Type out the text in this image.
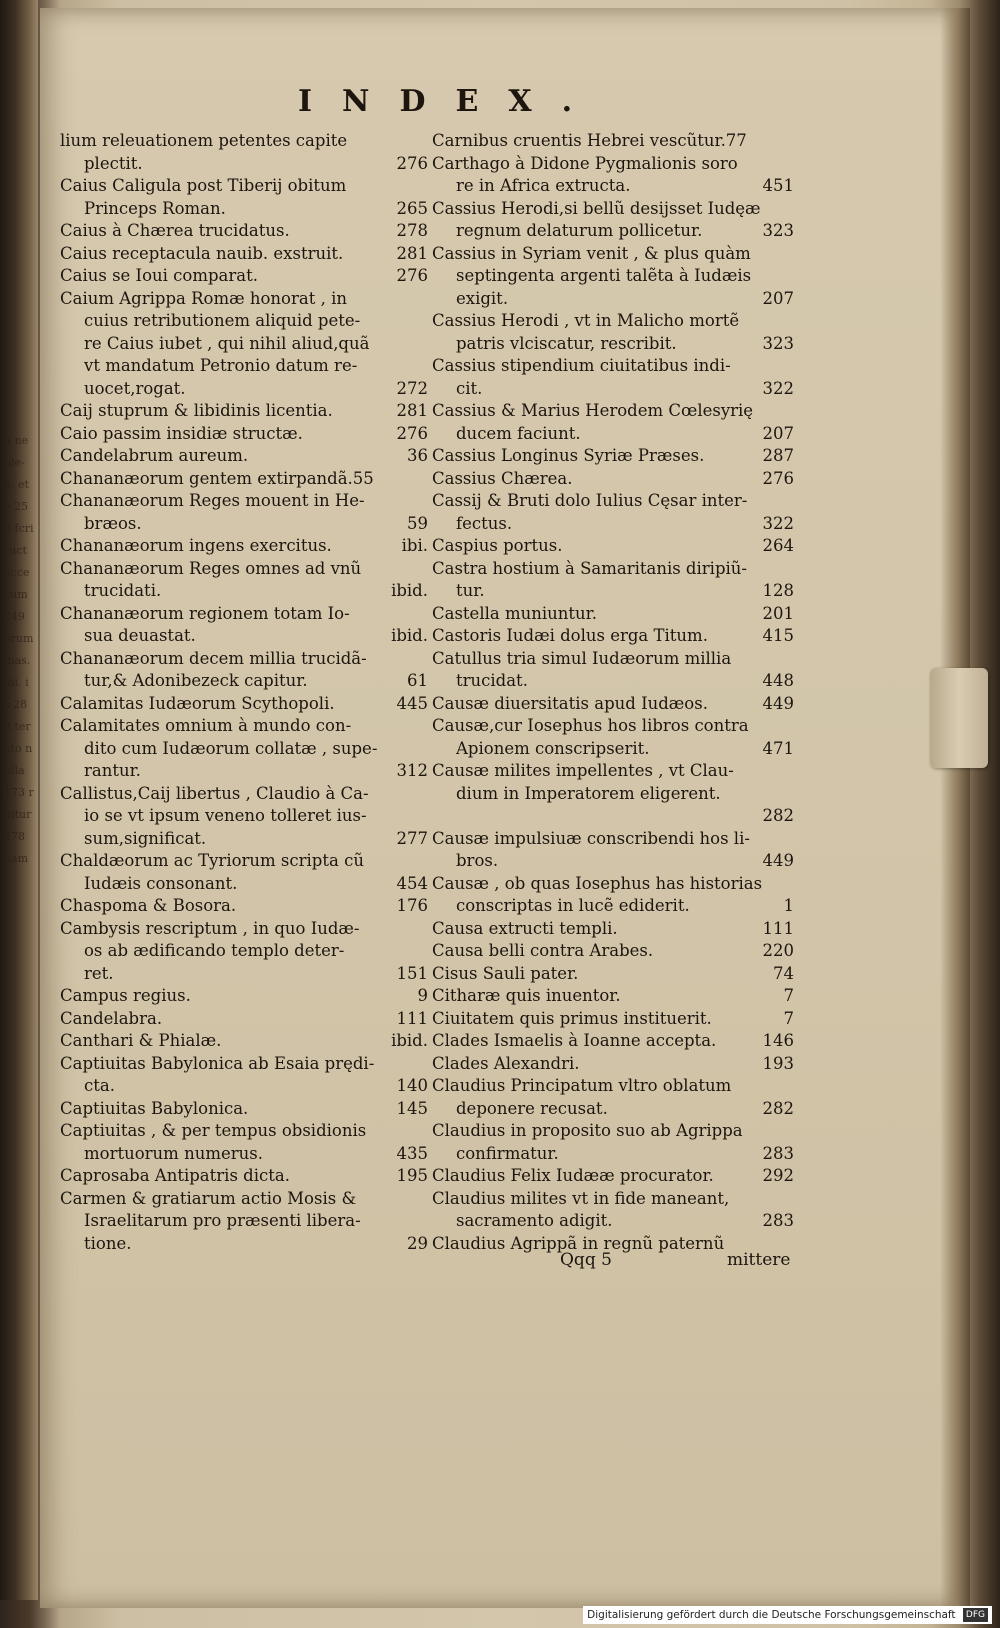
n ne ple- 5. ete 250 fcri ruct acce cum 249 orum inas. ibi. is 288 terato nulla 173 ruitur 278 nam
INDEX.
lium releuationem petentes capite
plectit.	276
Caius Caligula post Tiberij obitum
Princeps Roman.	265
Caius à Chærea trucidatus.	278
Caius receptacula nauib. exstruit.	281
Caius se Ioui comparat.	276
Caium Agrippa Romæ honorat , in
cuius retributionem aliquid pete-
re Caius iubet , qui nihil aliud,quã
vt mandatum Petronio datum re-
uocet,rogat.	272
Caij stuprum & libidinis licentia.	281
Caio passim insidiæ structæ.	276
Candelabrum aureum.	36
Chananæorum gentem extirpandã.55
Chananæorum Reges mouent in He-
bræos.	59
Chananæorum ingens exercitus.	ibi.
Chananæorum Reges omnes ad vnũ
trucidati.	ibid.
Chananæorum regionem totam Io-
sua deuastat.	ibid.
Chananæorum decem millia trucidã-
tur,& Adonibezeck capitur.	61
Calamitas Iudæorum Scythopoli.	445
Calamitates omnium à mundo con-
dito cum Iudæorum collatæ , supe-
rantur.	312
Callistus,Caij libertus , Claudio à Ca-
io se vt ipsum veneno tolleret ius-
sum,significat.	277
Chaldæorum ac Tyriorum scripta cũ
Iudæis consonant.	454
Chaspoma & Bosora.	176
Cambysis rescriptum , in quo Iudæ-
os ab ædificando templo deter-
ret.	151
Campus regius.	9
Candelabra.	111
Canthari & Phialæ.	ibid.
Captiuitas Babylonica ab Esaia prędi-
cta.	140
Captiuitas Babylonica.	145
Captiuitas , & per tempus obsidionis
mortuorum numerus.	435
Caprosaba Antipatris dicta.	195
Carmen & gratiarum actio Mosis &
Israelitarum pro præsenti libera-
tione.	29
Carnibus cruentis Hebrei vescũtur.77
Carthago à Didone Pygmalionis soro
re in Africa extructa.	451
Cassius Herodi,si bellũ desijsset Iudęæ
regnum delaturum pollicetur.	323
Cassius in Syriam venit , & plus quàm
septingenta argenti talẽta à Iudæis
exigit.	207
Cassius Herodi , vt in Malicho mortẽ
patris vlciscatur, rescribit.	323
Cassius stipendium ciuitatibus indi-
cit.	322
Cassius & Marius Herodem Cœlesyrię
ducem faciunt.	207
Cassius Longinus Syriæ Præses.	287
Cassius Chærea.	276
Cassij & Bruti dolo Iulius Cęsar inter-
fectus.	322
Caspius portus.	264
Castra hostium à Samaritanis diripiũ-
tur.	128
Castella muniuntur.	201
Castoris Iudæi dolus erga Titum.	415
Catullus tria simul Iudæorum millia
trucidat.	448
Causæ diuersitatis apud Iudæos.	449
Causæ,cur Iosephus hos libros contra
Apionem conscripserit.	471
Causæ milites impellentes , vt Clau-
dium in Imperatorem eligerent.
282
Causæ impulsiuæ conscribendi hos li-
bros.	449
Causæ , ob quas Iosephus has historias
conscriptas in lucẽ ediderit.	1
Causa extructi templi.	111
Causa belli contra Arabes.	220
Cisus Sauli pater.	74
Citharæ quis inuentor.	7
Ciuitatem quis primus instituerit.	7
Clades Ismaelis à Ioanne accepta.	146
Clades Alexandri.	193
Claudius Principatum vltro oblatum
deponere recusat.	282
Claudius in proposito suo ab Agrippa
confirmatur.	283
Claudius Felix Iudææ procurator.	292
Claudius milites vt in fide maneant,
sacramento adigit.	283
Claudius Agrippã in regnũ paternũ
Qqq 5	mittere
Digitalisierung gefördert durch die Deutsche Forschungsgemeinschaft DFG
